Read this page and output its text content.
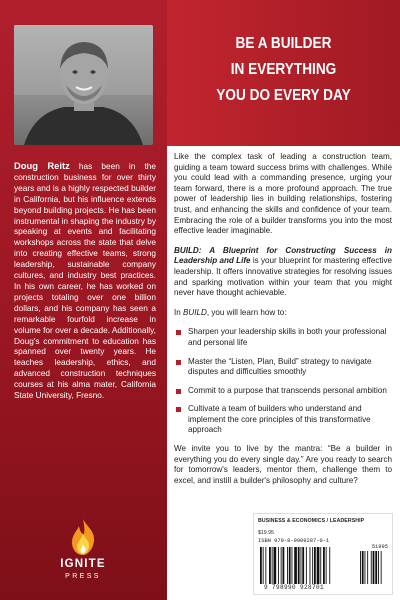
Doug Reitz has been in the construction business for over thirty years and is a highly respected builder in California, but his influence extends beyond building projects. He has been instrumental in shaping the industry by speaking at events and facilitating workshops across the state that delve into creating effective teams, strong leadership, sustainable company cultures, and industry best practices. In his own career, he has worked on projects totaling over one billion dollars, and his company has seen a remarkable fourfold increase in volume for over a decade. Additionally, Doug's commitment to education has spanned over twenty years. He teaches leadership, ethics, and advanced construction techniques courses at his alma mater, California State University, Fresno.

IGNITE
PRESS
BE A BUILDER
IN EVERYTHING
YOU DO EVERY DAY

Like the complex task of leading a construction team, guiding a team toward success brims with challenges. While you could lead with a commanding presence, urging your team forward, there is a more profound approach. The true power of leadership lies in building relationships, fostering trust, and enhancing the skills and confidence of your team. Embracing the role of a builder transforms you into the most effective leader imaginable.

BUILD: A Blueprint for Constructing Success in Leadership and Life is your blueprint for mastering effective leadership. It offers innovative strategies for resolving issues and sparking motivation within your team that you might never have thought achievable.

In BUILD, you will learn how to:

Sharpen your leadership skills in both your professional and personal life
Master the “Listen, Plan, Build” strategy to navigate disputes and difficulties smoothly
Commit to a purpose that transcends personal ambition
Cultivate a team of builders who understand and implement the core principles of this transformative approach

We invite you to live by the mantra: “Be a builder in everything you do every single day.” Are you ready to search for tomorrow's leaders, mentor them, challenge them to excel, and instill a builder's philosophy and culture?

BUSINESS & ECONOMICS / LEADERSHIP
$19.95
ISBN 979-8-9909287-0-1
51995
9 798990 928701
